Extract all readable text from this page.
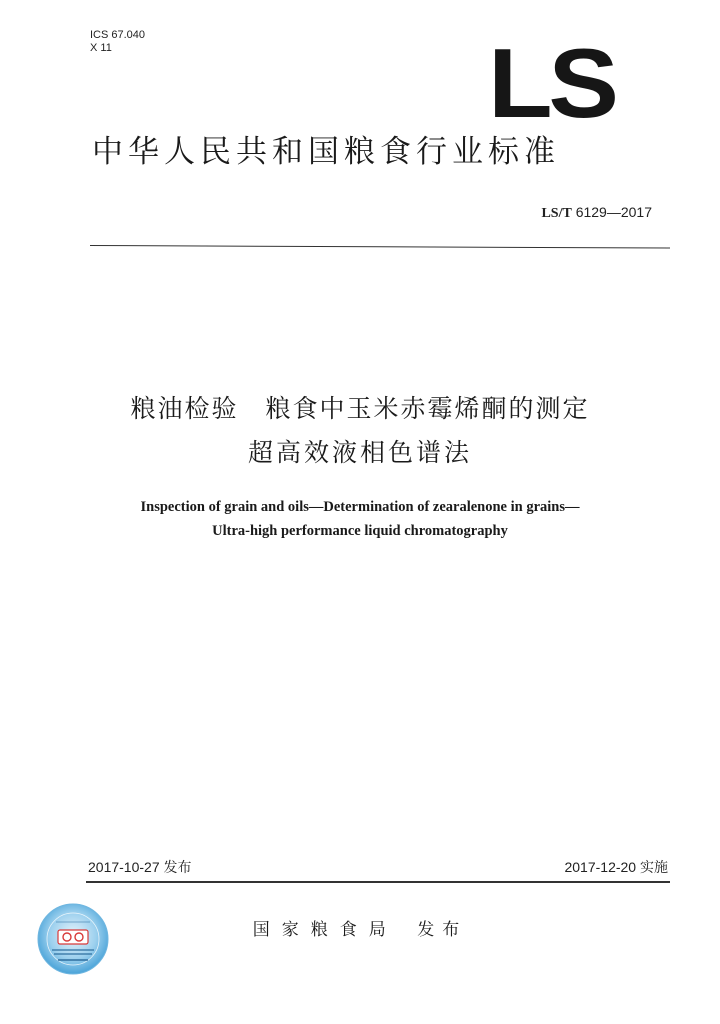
ICS 67.040
X 11	LS
中华人民共和国粮食行业标准
LS/T 6129—2017
粮油检验　粮食中玉米赤霉烯酮的测定
超高效液相色谱法
Inspection of grain and oils—Determination of zearalenone in grains—
Ultra-high performance liquid chromatography
2017-10-27 发布	2017-12-20 实施
国家粮食局 发布
